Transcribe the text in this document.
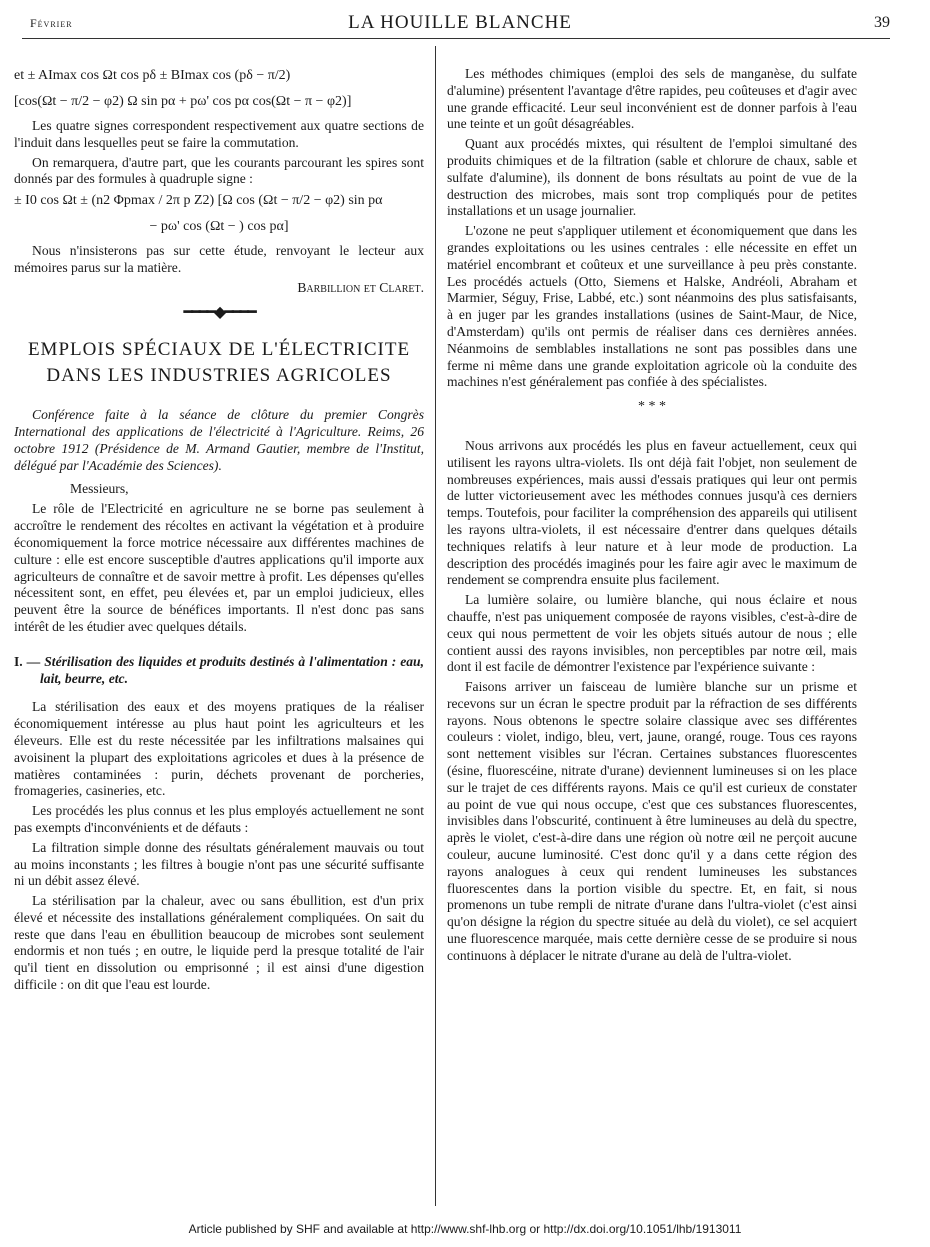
Février	LA HOUILLE BLANCHE	39
et ± AImax cos Ωt cos pδ ± BImax cos (pδ − π/2)
[cos(Ωt − π/2 − φ2) Ω sin pα + pω' cos pα cos(Ωt − π − φ2)]

Les quatre signes correspondent respectivement aux quatre sections de l'induit dans lesquelles peut se faire la commutation.

On remarquera, d'autre part, que les courants parcourant les spires sont donnés par des formules à quadruple signe :

± I0 cos Ωt ± (n2 Φpmax / 2π p Z2) [Ω cos (Ωt − π/2 − φ2) sin pα
− pω' cos (Ωt − ) cos pα]

Nous n'insisterons pas sur cette étude, renvoyant le lecteur aux mémoires parus sur la matière.

Barbillion et Claret.

━━━━◆━━━━
EMPLOIS SPÉCIAUX DE L'ÉLECTRICITE
DANS LES INDUSTRIES AGRICOLES

Conférence faite à la séance de clôture du premier Congrès International des applications de l'électricité à l'Agriculture. Reims, 26 octobre 1912 (Présidence de M. Armand Gautier, membre de l'Institut, délégué par l'Académie des Sciences).

Messieurs,

Le rôle de l'Electricité en agriculture ne se borne pas seulement à accroître le rendement des récoltes en activant la végétation et à produire économiquement la force motrice nécessaire aux différentes machines de culture : elle est encore susceptible d'autres applications qu'il importe aux agriculteurs de connaître et de savoir mettre à profit. Les dépenses qu'elles nécessitent sont, en effet, peu élevées et, par un emploi judicieux, elles peuvent être la source de bénéfices importants. Il n'est donc pas sans intérêt de les étudier avec quelques détails.

I. — Stérilisation des liquides et produits destinés à l'alimentation : eau, lait, beurre, etc.

La stérilisation des eaux et des moyens pratiques de la réaliser économiquement intéresse au plus haut point les agriculteurs et les éleveurs. Elle est du reste nécessitée par les infiltrations malsaines qui avoisinent la plupart des exploitations agricoles et dues à la présence de matières contaminées : purin, déchets provenant de porcheries, fromageries, casineries, etc.

Les procédés les plus connus et les plus employés actuellement ne sont pas exempts d'inconvénients et de défauts :

La filtration simple donne des résultats généralement mauvais ou tout au moins inconstants ; les filtres à bougie n'ont pas une sécurité suffisante ni un débit assez élevé.

La stérilisation par la chaleur, avec ou sans ébullition, est d'un prix élevé et nécessite des installations généralement compliquées. On sait du reste que dans l'eau en ébullition beaucoup de microbes sont seulement endormis et non tués ; en outre, le liquide perd la presque totalité de l'air qu'il tient en dissolution ou emprisonné ; il est ainsi d'une digestion difficile : on dit que l'eau est lourde.

Les méthodes chimiques (emploi des sels de manganèse, du sulfate d'alumine) présentent l'avantage d'être rapides, peu coûteuses et d'agir avec une grande efficacité. Leur seul inconvénient est de donner parfois à l'eau une teinte et un goût désagréables.

Quant aux procédés mixtes, qui résultent de l'emploi simultané des produits chimiques et de la filtration (sable et chlorure de chaux, sable et sulfate d'alumine), ils donnent de bons résultats au point de vue de la destruction des microbes, mais sont trop compliqués pour de petites installations et un usage journalier.

L'ozone ne peut s'appliquer utilement et économiquement que dans les grandes exploitations ou les usines centrales : elle nécessite en effet un matériel encombrant et coûteux et une surveillance à peu près constante. Les procédés actuels (Otto, Siemens et Halske, Andréoli, Abraham et Marmier, Séguy, Frise, Labbé, etc.) sont néanmoins des plus satisfaisants, à en juger par les grandes installations (usines de Saint-Maur, de Nice, d'Amsterdam) qu'ils ont permis de réaliser dans ces dernières années. Néanmoins de semblables installations ne sont pas possibles dans une ferme ni même dans une grande exploitation agricole où la conduite des machines n'est généralement pas confiée à des spécialistes.

* * *

Nous arrivons aux procédés les plus en faveur actuellement, ceux qui utilisent les rayons ultra-violets. Ils ont déjà fait l'objet, non seulement de nombreuses expériences, mais aussi d'essais pratiques qui leur ont permis de lutter victorieusement avec les méthodes connues jusqu'à ces derniers temps. Toutefois, pour faciliter la compréhension des appareils qui utilisent les rayons ultra-violets, il est nécessaire d'entrer dans quelques détails techniques relatifs à leur nature et à leur mode de production. La description des procédés imaginés pour les faire agir avec le maximum de rendement se comprendra ensuite plus facilement.

La lumière solaire, ou lumière blanche, qui nous éclaire et nous chauffe, n'est pas uniquement composée de rayons visibles, c'est-à-dire de ceux qui nous permettent de voir les objets situés autour de nous ; elle contient aussi des rayons invisibles, non perceptibles par notre œil, mais dont il est facile de démontrer l'existence par l'expérience suivante :

Faisons arriver un faisceau de lumière blanche sur un prisme et recevons sur un écran le spectre produit par la réfraction de ses différents rayons. Nous obtenons le spectre solaire classique avec ses différentes couleurs : violet, indigo, bleu, vert, jaune, orangé, rouge. Tous ces rayons sont nettement visibles sur l'écran. Certaines substances fluorescentes (ésine, fluorescéine, nitrate d'urane) deviennent lumineuses si on les place sur le trajet de ces différents rayons. Mais ce qu'il est curieux de constater au point de vue qui nous occupe, c'est que ces substances fluorescentes, invisibles dans l'obscurité, continuent à être lumineuses au delà du spectre, après le violet, c'est-à-dire dans une région où notre œil ne perçoit aucune couleur, aucune luminosité. C'est donc qu'il y a dans cette région des rayons analogues à ceux qui rendent lumineuses les substances fluorescentes dans la portion visible du spectre. Et, en fait, si nous promenons un tube rempli de nitrate d'urane dans l'ultra-violet (c'est ainsi qu'on désigne la région du spectre située au delà du violet), ce sel acquiert une fluorescence marquée, mais cette dernière cesse de se produire si nous continuons à déplacer le nitrate d'urane au delà de l'ultra-violet.

Article published by SHF and available at http://www.shf-lhb.org or http://dx.doi.org/10.1051/lhb/1913011
